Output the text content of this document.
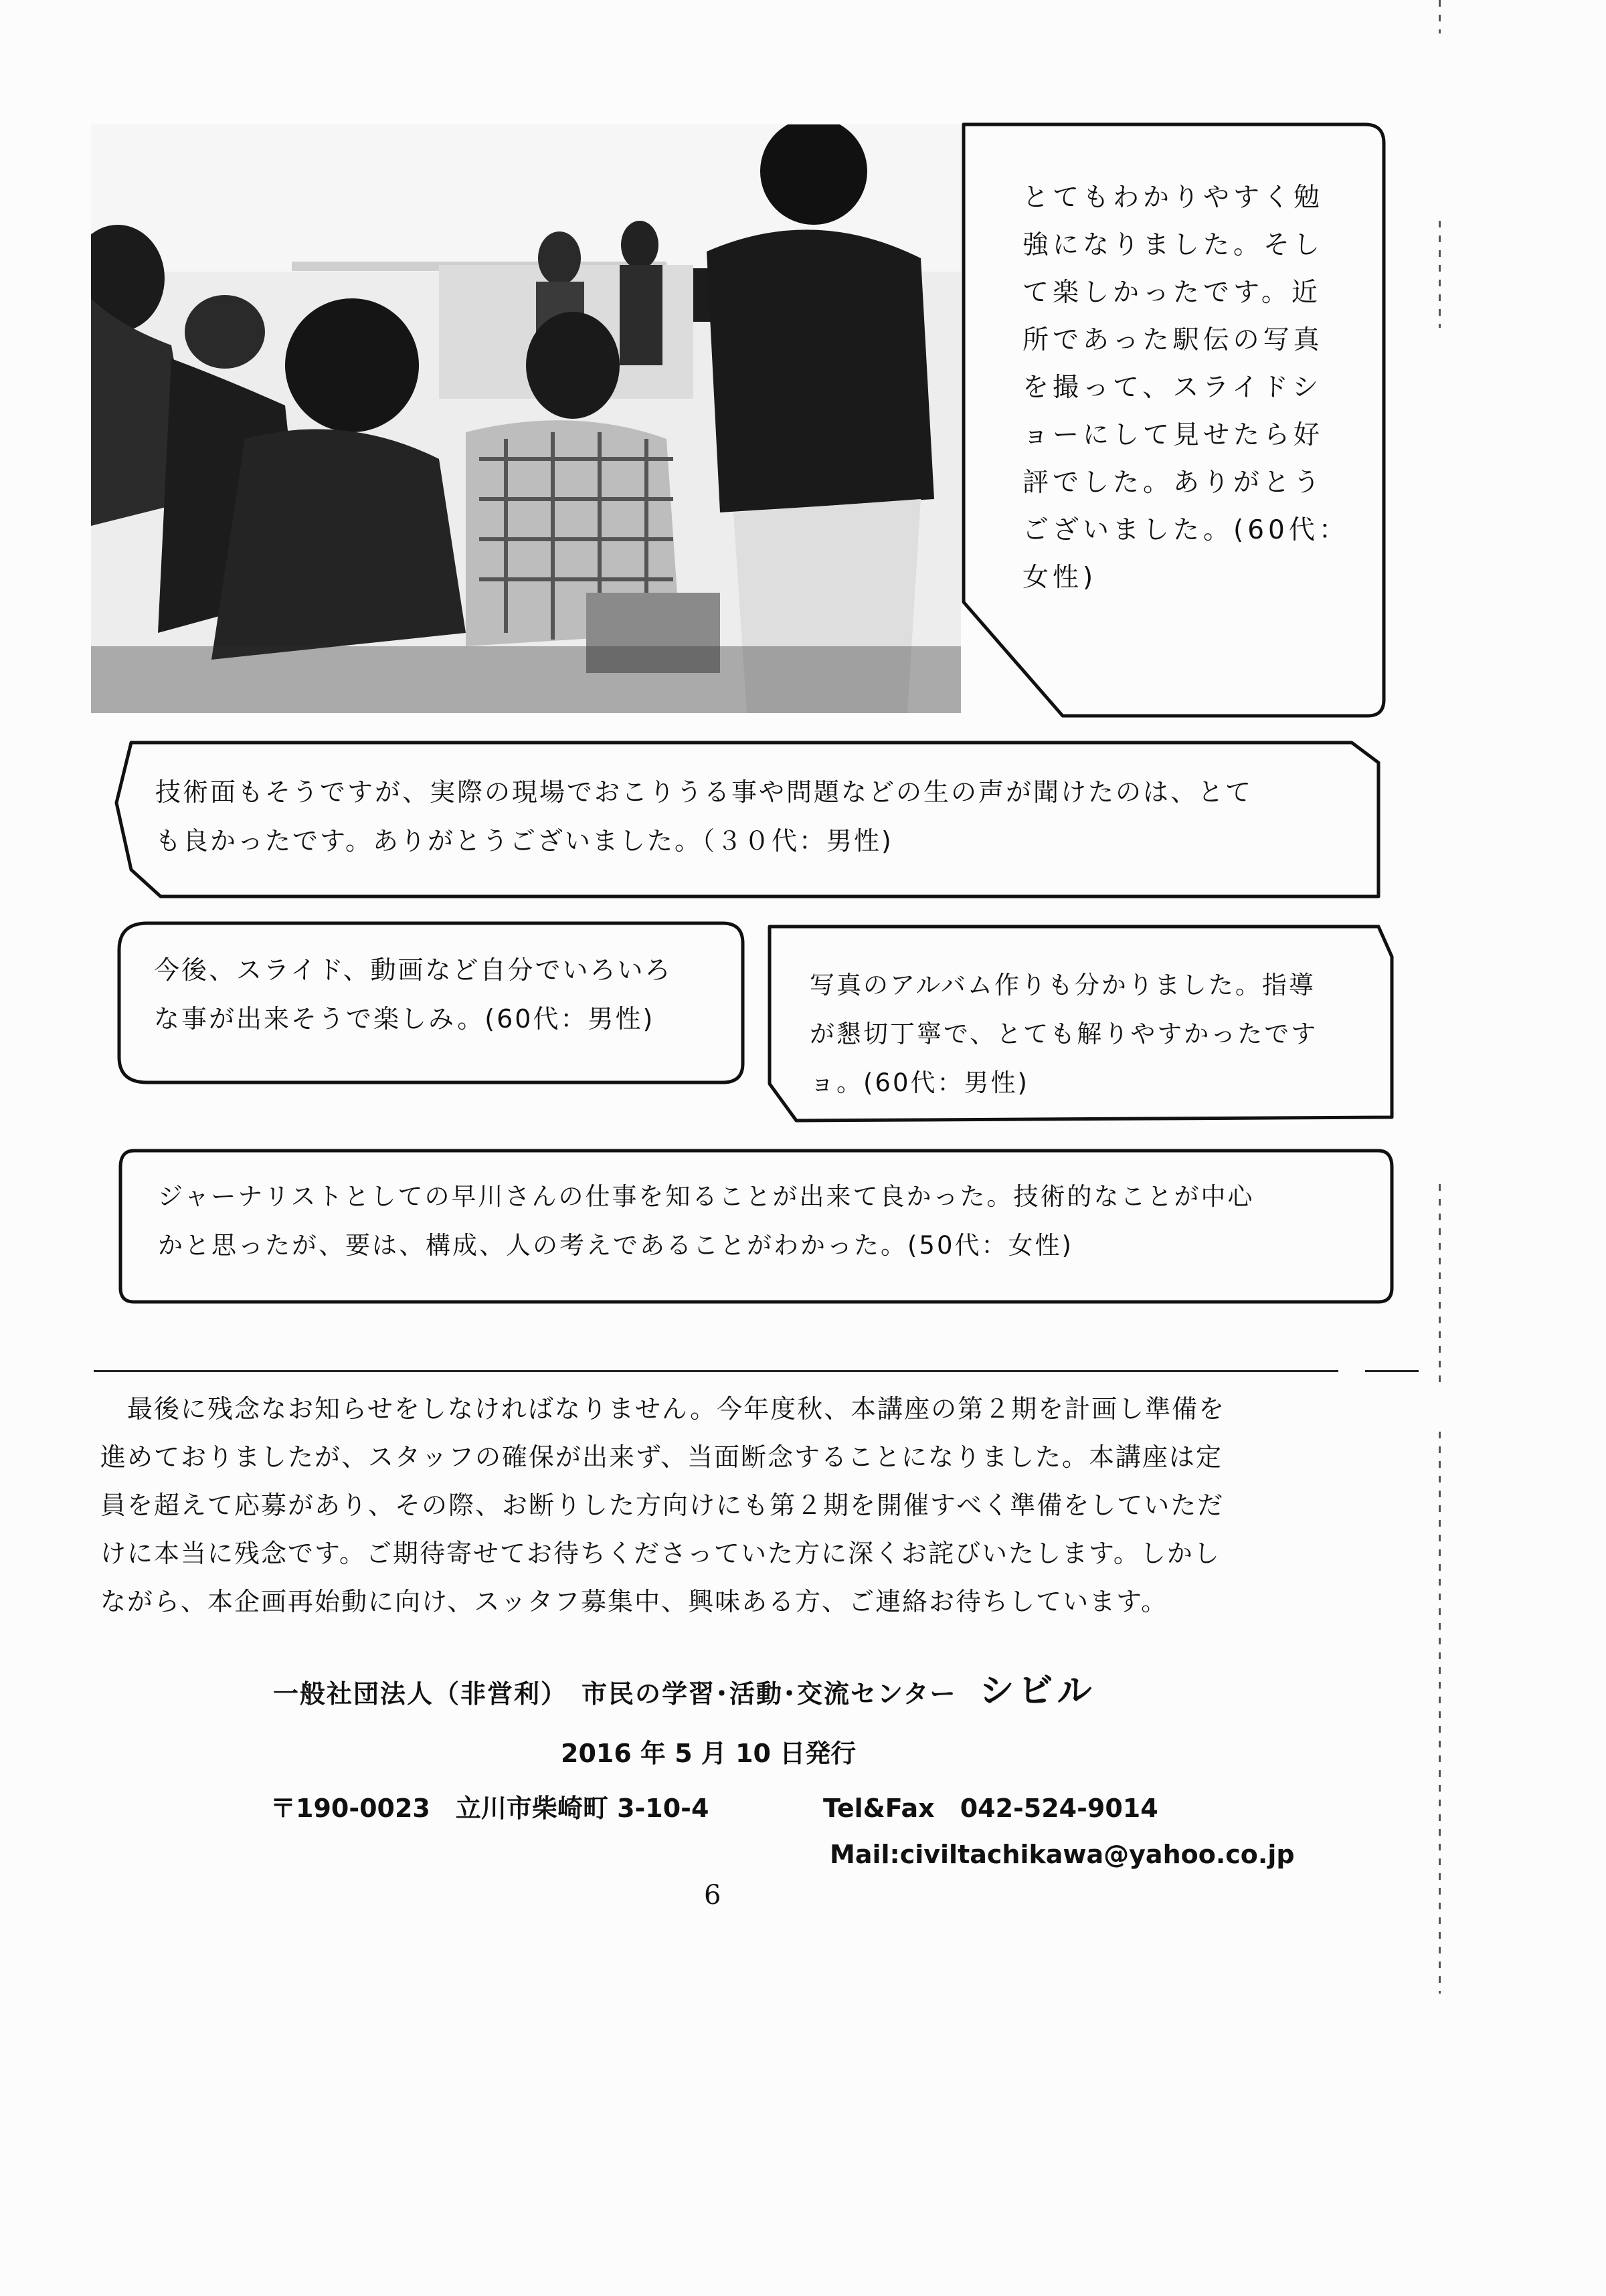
とてもわかりやすく勉
強になりました。そし
て楽しかったです。近
所であった駅伝の写真
を撮って、スライドシ
ョーにして見せたら好
評でした。ありがとう
ございました。(60代：
女性)
技術面もそうですが、実際の現場でおこりうる事や問題などの生の声が聞けたのは、とて
も良かったです。ありがとうございました。（３０代：男性)
今後、スライド、動画など自分でいろいろ
な事が出来そうで楽しみ。(60代：男性)
写真のアルバム作りも分かりました。指導
が懇切丁寧で、とても解りやすかったです
ョ。(60代：男性)
ジャーナリストとしての早川さんの仕事を知ることが出来て良かった。技術的なことが中心
かと思ったが、要は、構成、人の考えであることがわかった。(50代：女性)
最後に残念なお知らせをしなければなりません。今年度秋、本講座の第２期を計画し準備を
進めておりましたが、スタッフの確保が出来ず、当面断念することになりました。本講座は定
員を超えて応募があり、その際、お断りした方向けにも第２期を開催すべく準備をしていただ
けに本当に残念です。ご期待寄せてお待ちくださっていた方に深くお詫びいたします。しかし
ながら、本企画再始動に向け、スッタフ募集中、興味ある方、ご連絡お待ちしています。
一般社団法人（非営利）　市民の学習･活動･交流センター シビル
2016 年 5 月 10 日発行
〒190-0023　立川市柴崎町 3-10-4	Tel&Fax　042-524-9014
Mail:civiltachikawa@yahoo.co.jp
6
